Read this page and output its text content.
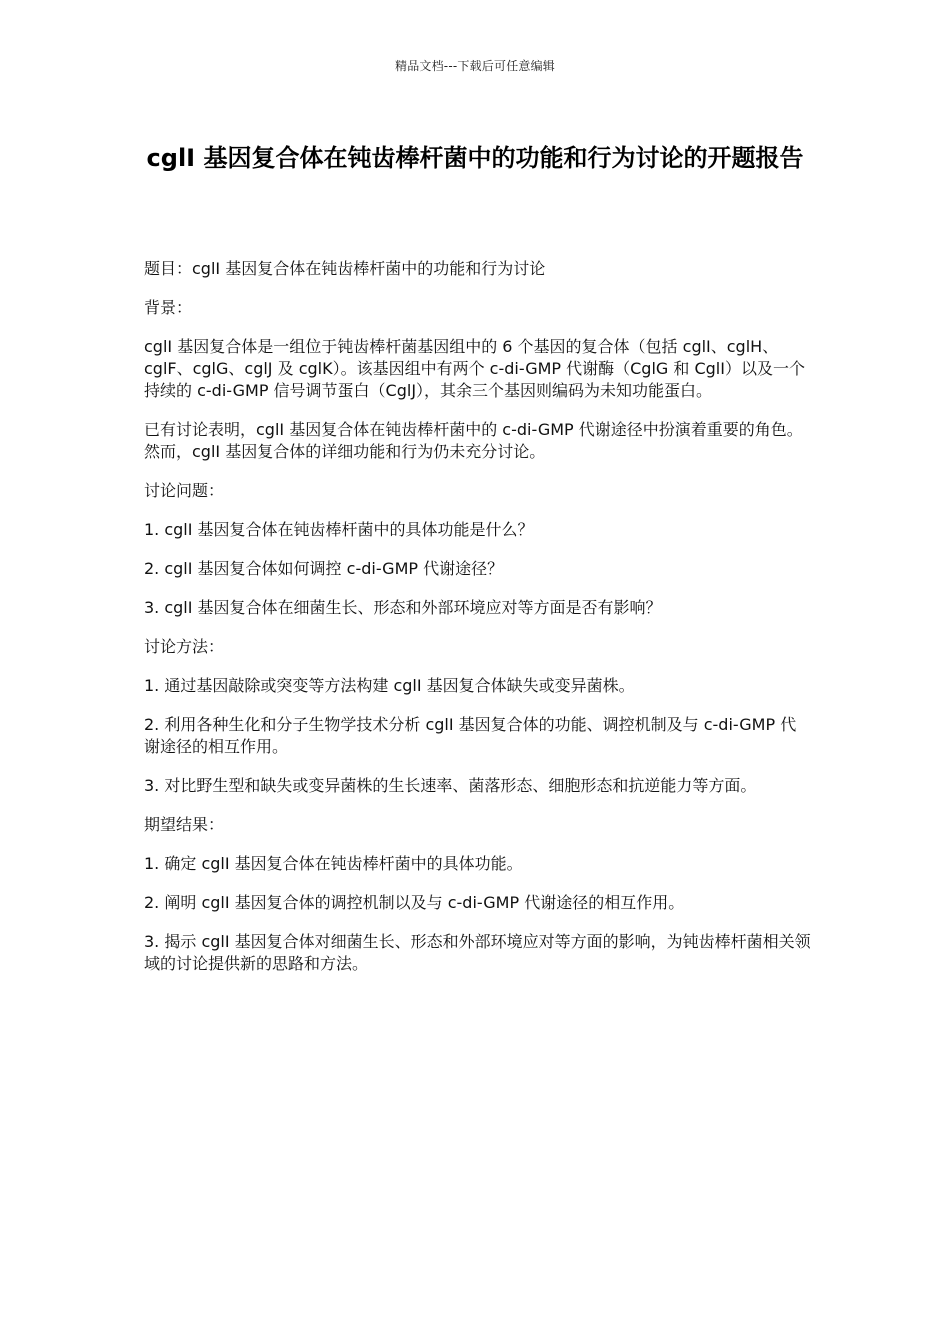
精品文档---下载后可任意编辑
cglI 基因复合体在钝齿棒杆菌中的功能和行为讨论的开题报告

题目：cglI 基因复合体在钝齿棒杆菌中的功能和行为讨论

背景：

cglI 基因复合体是一组位于钝齿棒杆菌基因组中的 6 个基因的复合体（包括 cglI、cglH、cglF、cglG、cglJ 及 cglK）。该基因组中有两个 c-di-GMP 代谢酶（CglG 和 CglI）以及一个持续的 c-di-GMP 信号调节蛋白（CglJ），其余三个基因则编码为未知功能蛋白。

已有讨论表明，cglI 基因复合体在钝齿棒杆菌中的 c-di-GMP 代谢途径中扮演着重要的角色。然而，cglI 基因复合体的详细功能和行为仍未充分讨论。

讨论问题：

1. cglI 基因复合体在钝齿棒杆菌中的具体功能是什么？

2. cglI 基因复合体如何调控 c-di-GMP 代谢途径？

3. cglI 基因复合体在细菌生长、形态和外部环境应对等方面是否有影响？

讨论方法：

1. 通过基因敲除或突变等方法构建 cglI 基因复合体缺失或变异菌株。

2. 利用各种生化和分子生物学技术分析 cglI 基因复合体的功能、调控机制及与 c-di-GMP 代谢途径的相互作用。

3. 对比野生型和缺失或变异菌株的生长速率、菌落形态、细胞形态和抗逆能力等方面。

期望结果：

1. 确定 cglI 基因复合体在钝齿棒杆菌中的具体功能。

2. 阐明 cglI 基因复合体的调控机制以及与 c-di-GMP 代谢途径的相互作用。

3. 揭示 cglI 基因复合体对细菌生长、形态和外部环境应对等方面的影响，为钝齿棒杆菌相关领域的讨论提供新的思路和方法。
